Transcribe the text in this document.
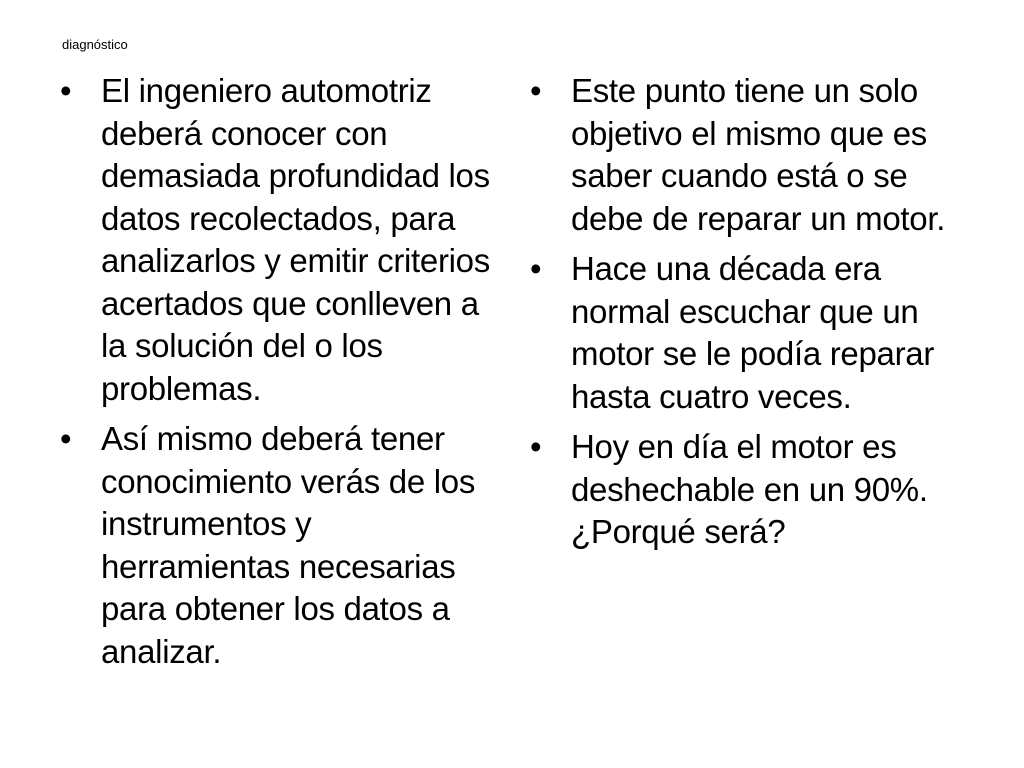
diagnóstico
• El ingeniero automotriz deberá conocer con demasiada profundidad los datos recolectados, para analizarlos y emitir criterios acertados que conlleven a la solución del o los problemas.
• Así mismo deberá tener conocimiento verás de los instrumentos y herramientas necesarias para obtener los datos a analizar.
• Este punto tiene un solo objetivo el mismo que es saber cuando está o se debe de reparar un motor.
• Hace una década era normal escuchar que un motor se le podía reparar hasta cuatro veces.
• Hoy en día el motor es deshechable en un 90%. ¿Porqué será?
